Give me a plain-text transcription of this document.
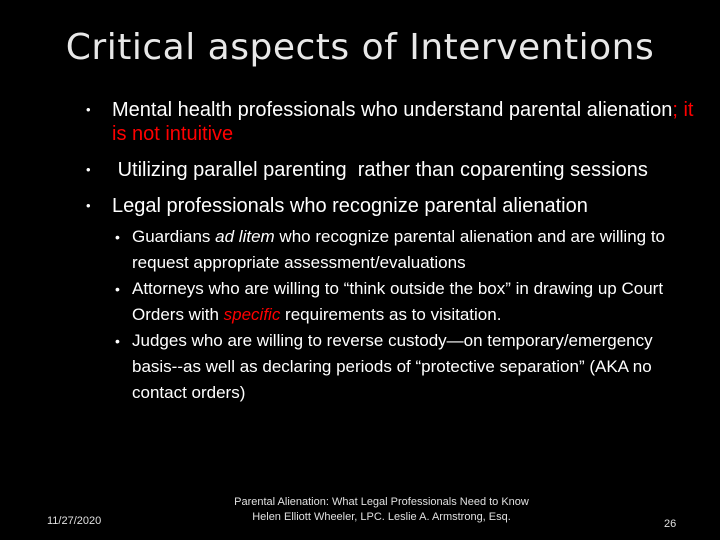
Critical aspects of Interventions
• Mental health professionals who understand parental alienation; it is not intuitive
• Utilizing parallel parenting  rather than coparenting sessions
• Legal professionals who recognize parental alienation
• Guardians ad litem who recognize parental alienation and are willing to request appropriate assessment/evaluations
• Attorneys who are willing to “think outside the box” in drawing up Court Orders with specific requirements as to visitation.
• Judges who are willing to reverse custody—on temporary/emergency basis--as well as declaring periods of “protective separation” (AKA no contact orders)
11/27/2020
Parental Alienation: What Legal Professionals Need to Know
Helen Elliott Wheeler, LPC. Leslie A. Armstrong, Esq.
26
